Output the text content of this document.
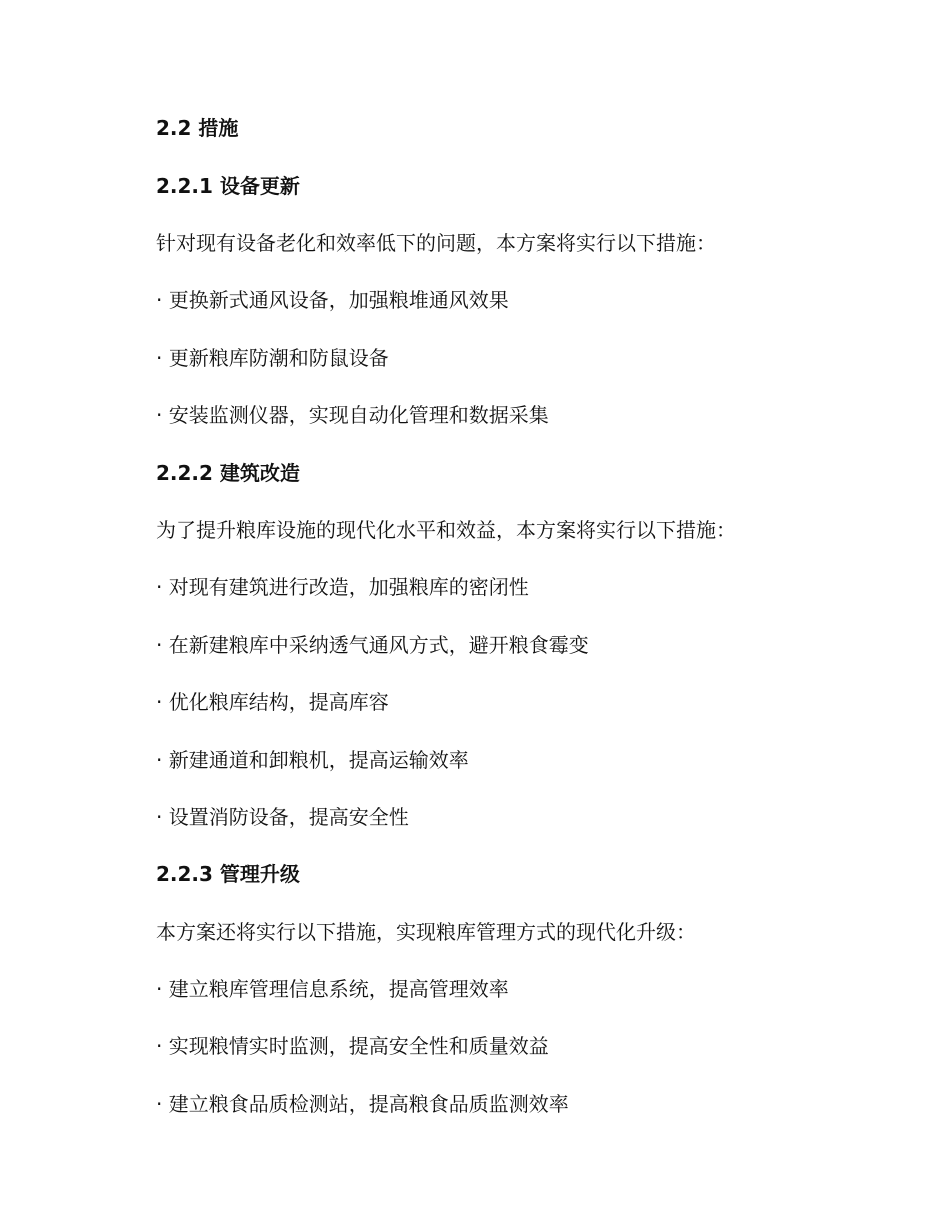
2.2 措施
2.2.1 设备更新
针对现有设备老化和效率低下的问题，本方案将实行以下措施：
· 更换新式通风设备，加强粮堆通风效果
· 更新粮库防潮和防鼠设备
· 安装监测仪器，实现自动化管理和数据采集
2.2.2 建筑改造
为了提升粮库设施的现代化水平和效益，本方案将实行以下措施：
· 对现有建筑进行改造，加强粮库的密闭性
· 在新建粮库中采纳透气通风方式，避开粮食霉变
· 优化粮库结构，提高库容
· 新建通道和卸粮机，提高运输效率
· 设置消防设备，提高安全性
2.2.3 管理升级
本方案还将实行以下措施，实现粮库管理方式的现代化升级：
· 建立粮库管理信息系统，提高管理效率
· 实现粮情实时监测，提高安全性和质量效益
· 建立粮食品质检测站，提高粮食品质监测效率
